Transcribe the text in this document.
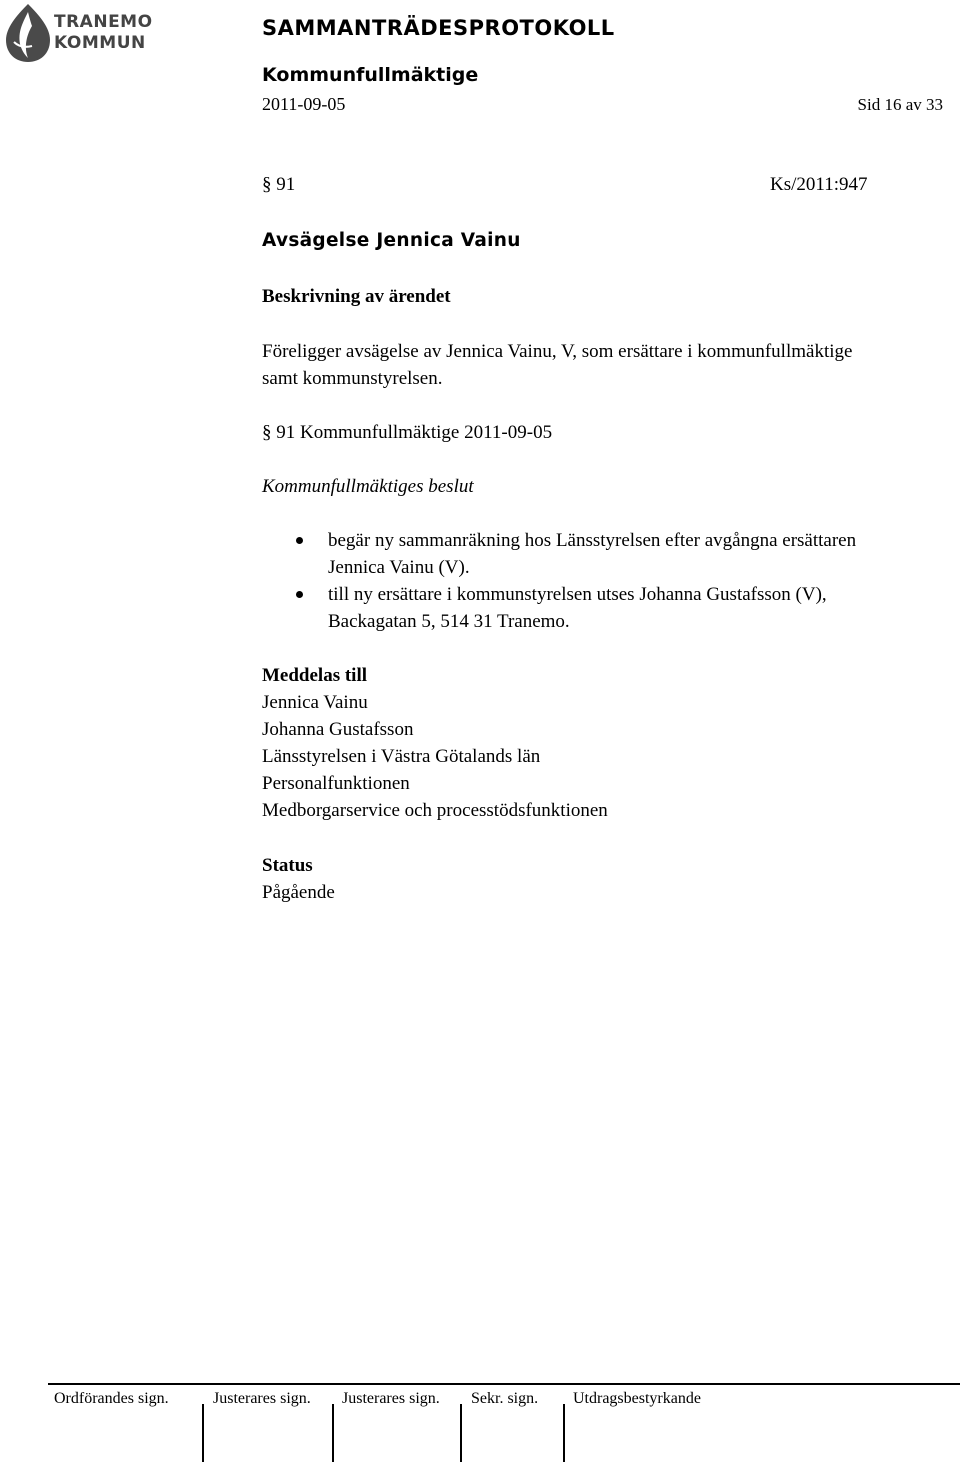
TRANEMO
KOMMUN
SAMMANTRÄDESPROTOKOLL
Kommunfullmäktige
2011-09-05	Sid 16 av 33
§ 91	Ks/2011:947
Avsägelse Jennica Vainu
Beskrivning av ärendet
Föreligger avsägelse av Jennica Vainu, V, som ersättare i kommunfullmäktige
samt kommunstyrelsen.
§ 91 Kommunfullmäktige 2011-09-05
Kommunfullmäktiges beslut
begär ny sammanräkning hos Länsstyrelsen efter avgångna ersättaren
Jennica Vainu (V).
till ny ersättare i kommunstyrelsen utses Johanna Gustafsson (V),
Backagatan 5, 514 31 Tranemo.
Meddelas till
Jennica Vainu
Johanna Gustafsson
Länsstyrelsen i Västra Götalands län
Personalfunktionen
Medborgarservice och processtödsfunktionen
Status
Pågående
Ordförandes sign.	Justerares sign. Justerares sign. Sekr. sign. Utdragsbestyrkande
